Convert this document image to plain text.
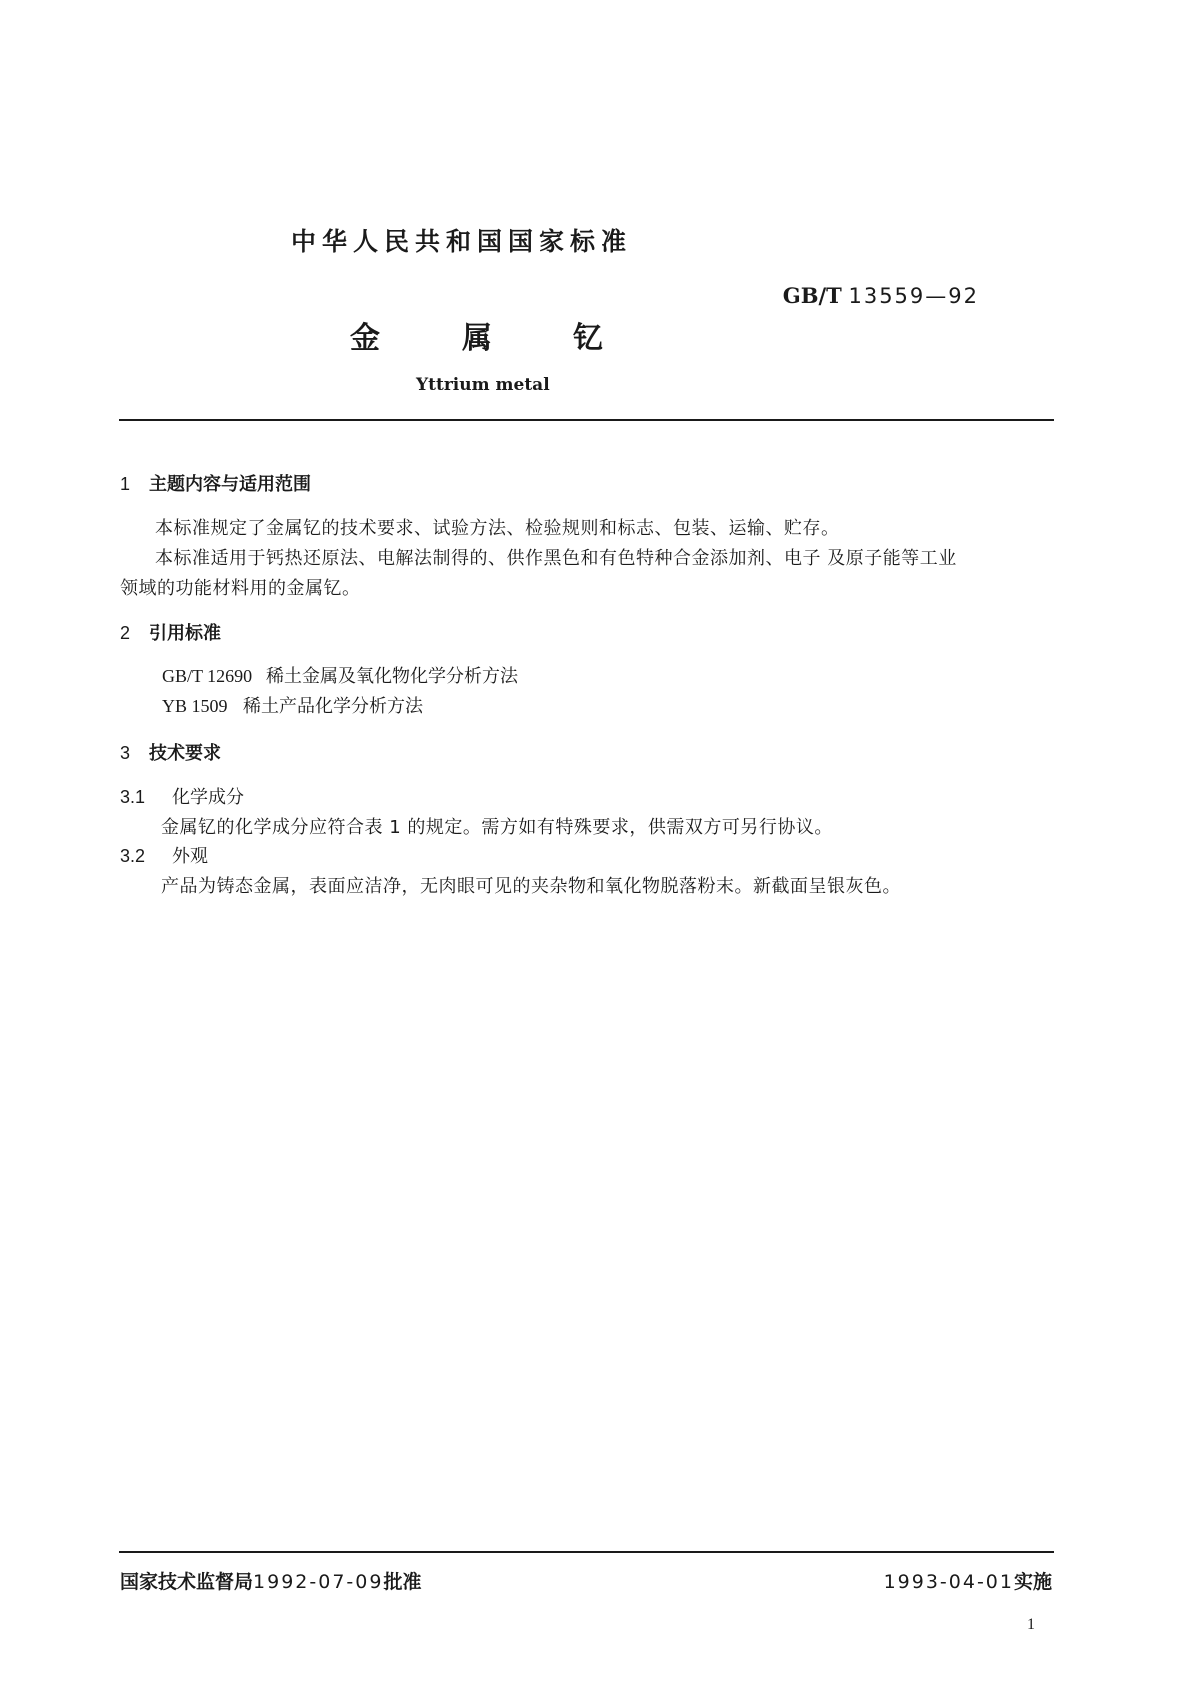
中华人民共和国国家标准
GB/T 13559—92
金	属	钇
Yttrium metal
1 主题内容与适用范围
本标准规定了金属钇的技术要求、试验方法、检验规则和标志、包装、运输、贮存。
本标准适用于钙热还原法、电解法制得的、供作黑色和有色特种合金添加剂、电子 及原子能等工业
领域的功能材料用的金属钇。
2 引用标准
GB/T 12690 稀土金属及氧化物化学分析方法
YB 1509 稀土产品化学分析方法
3 技术要求
3.1 化学成分
金属钇的化学成分应符合表 1 的规定。需方如有特殊要求，供需双方可另行协议。
3.2 外观
产品为铸态金属，表面应洁净，无肉眼可见的夹杂物和氧化物脱落粉末。新截面呈银灰色。
国家技术监督局1992-07-09批准	1993-04-01实施
1
